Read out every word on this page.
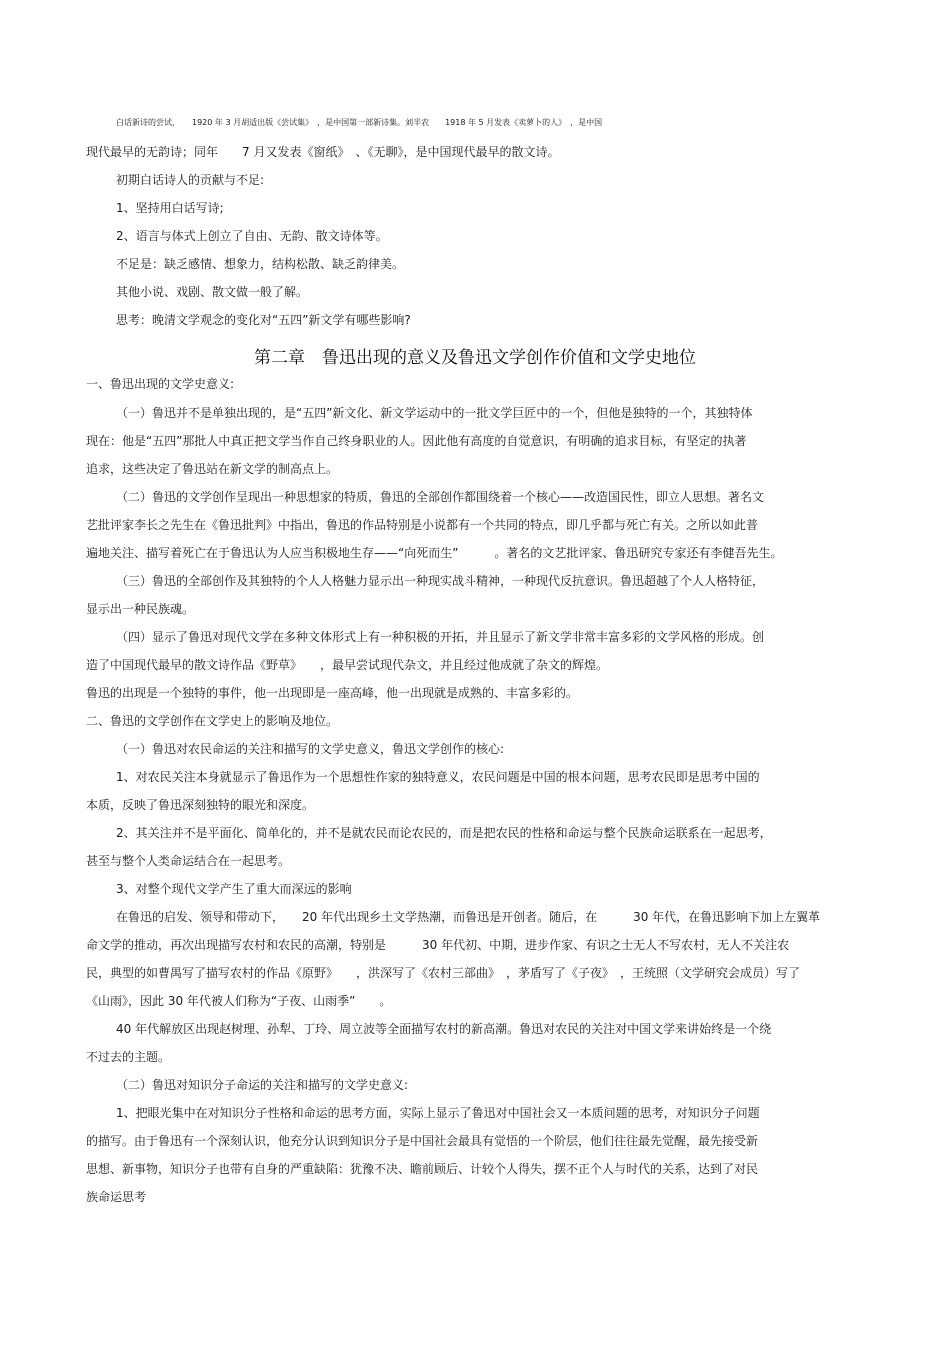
白话新诗的尝试，　　1920 年 3 月胡适出版《尝试集》　，是中国第一部新诗集。刘半农　　1918 年 5 月发表《卖萝卜的人》　，是中国
现代最早的无韵诗；同年　　7 月又发表《窗纸》　、《无聊》，是中国现代最早的散文诗。
初期白话诗人的贡献与不足:
1、坚持用白话写诗;
2、语言与体式上创立了自由、无韵、散文诗体等。
不足是：缺乏感情、想象力，结构松散、缺乏韵律美。
其他小说、戏剧、散文做一般了解。
思考：晚清文学观念的变化对“五四”新文学有哪些影响?
第二章　鲁迅出现的意义及鲁迅文学创作价值和文学史地位
一、鲁迅出现的文学史意义:
（一）鲁迅并不是单独出现的，是“五四”新文化、新文学运动中的一批文学巨匠中的一个，但他是独特的一个，其独特体
现在：他是“五四”那批人中真正把文学当作自己终身职业的人。因此他有高度的自觉意识，有明确的追求目标，有坚定的执著
追求，这些决定了鲁迅站在新文学的制高点上。
（二）鲁迅的文学创作呈现出一种思想家的特质，鲁迅的全部创作都围绕着一个核心——改造国民性，即立人思想。著名文
艺批评家李长之先生在《鲁迅批判》中指出，鲁迅的作品特别是小说都有一个共同的特点，即几乎都与死亡有关。之所以如此普
遍地关注、描写着死亡在于鲁迅认为人应当积极地生存——“向死而生”　　　。著名的文艺批评家、鲁迅研究专家还有李健吾先生。
（三）鲁迅的全部创作及其独特的个人人格魅力显示出一种现实战斗精神，一种现代反抗意识。鲁迅超越了个人人格特征，
显示出一种民族魂。
（四）显示了鲁迅对现代文学在多种文体形式上有一种积极的开拓，并且显示了新文学非常丰富多彩的文学风格的形成。创
造了中国现代最早的散文诗作品《野草》　　，最早尝试现代杂文，并且经过他成就了杂文的辉煌。
鲁迅的出现是一个独特的事件，他一出现即是一座高峰，他一出现就是成熟的、丰富多彩的。
二、鲁迅的文学创作在文学史上的影响及地位。
（一）鲁迅对农民命运的关注和描写的文学史意义，鲁迅文学创作的核心:
1、对农民关注本身就显示了鲁迅作为一个思想性作家的独特意义，农民问题是中国的根本问题，思考农民即是思考中国的
本质，反映了鲁迅深刻独特的眼光和深度。
2、其关注并不是平面化、简单化的，并不是就农民而论农民的，而是把农民的性格和命运与整个民族命运联系在一起思考，
甚至与整个人类命运结合在一起思考。
3、对整个现代文学产生了重大而深远的影响
在鲁迅的启发、领导和带动下，　　20 年代出现乡土文学热潮，而鲁迅是开创者。随后，在　　　30 年代，在鲁迅影响下加上左翼革
命文学的推动，再次出现描写农村和农民的高潮，特别是　　　30 年代初、中期，进步作家、有识之士无人不写农村，无人不关注农
民，典型的如曹禺写了描写农村的作品《原野》　　，洪深写了《农村三部曲》　，茅盾写了《子夜》　，王统照（文学研究会成员）写了
《山雨》，因此 30 年代被人们称为“子夜、山雨季”　　。
40 年代解放区出现赵树理、孙犁、丁玲、周立波等全面描写农村的新高潮。鲁迅对农民的关注对中国文学来讲始终是一个绕
不过去的主题。
（二）鲁迅对知识分子命运的关注和描写的文学史意义:
1、把眼光集中在对知识分子性格和命运的思考方面，实际上显示了鲁迅对中国社会又一本质问题的思考，对知识分子问题
的描写。由于鲁迅有一个深刻认识，他充分认识到知识分子是中国社会最具有觉悟的一个阶层，他们往往最先觉醒，最先接受新
思想、新事物，知识分子也带有自身的严重缺陷：犹豫不决、瞻前顾后、计较个人得失，摆不正个人与时代的关系，达到了对民
族命运思考
